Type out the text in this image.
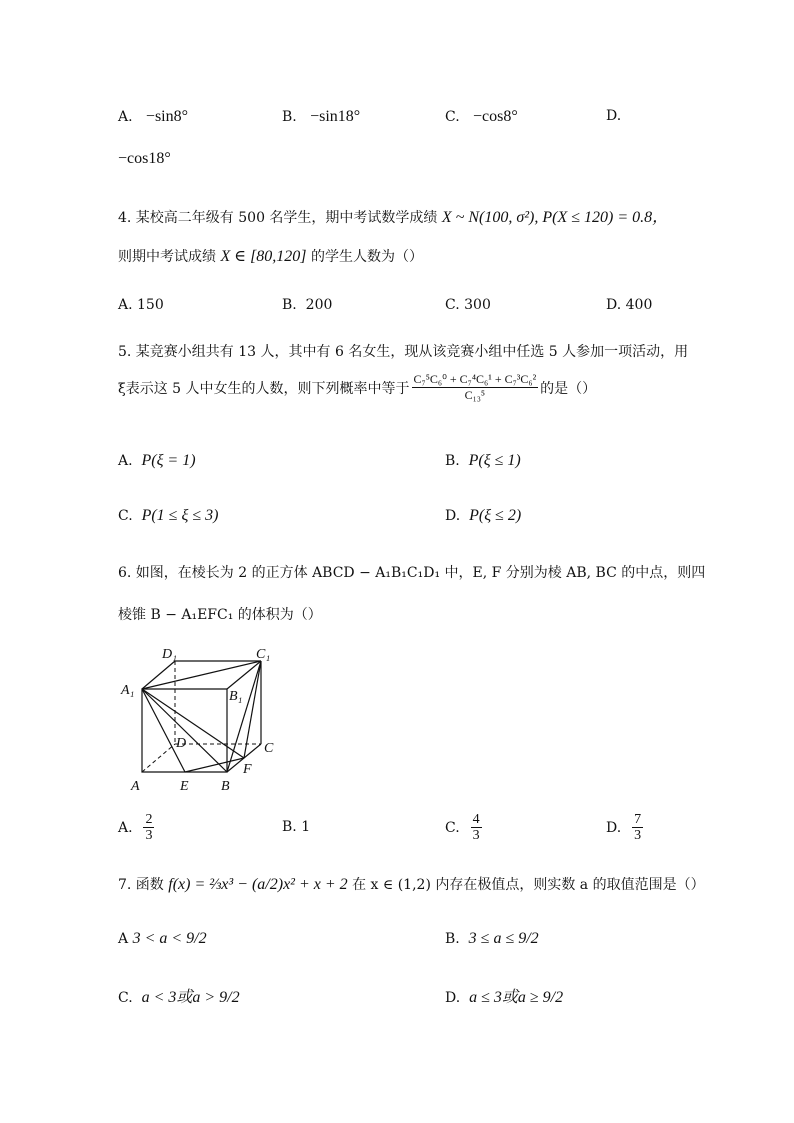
A. −sin8°	B. −sin18°	C. −cos8°	D.
−cos18°
4. 某校高二年级有 500 名学生，期中考试数学成绩 X ~ N(100, σ²), P(X ≤ 120) = 0.8，
则期中考试成绩 X ∈ [80,120] 的学生人数为（）
A. 150	B. 200	C. 300	D. 400
5. 某竞赛小组共有 13 人，其中有 6 名女生，现从该竞赛小组中任选 5 人参加一项活动，用
ξ表示这 5 人中女生的人数，则下列概率中等于 $\frac{\text{C₇⁵C₆⁰ + C₇⁴C₆¹ + C₇³C₆²}}{\text{C₁₃⁵}}$ 的是（）
A. P(ξ = 1)	B. P(ξ ≤ 1)
C. P(1 ≤ ξ ≤ 3)	D. P(ξ ≤ 2)
6. 如图，在棱长为 2 的正方体 ABCD − A₁B₁C₁D₁ 中，E, F 分别为棱 AB, BC 的中点，则四
棱锥 B − A₁EFC₁ 的体积为（）
D₁	C₁
A₁	B₁
D	C
F
A	E B
A.
$\frac{2}{3}$	B. 1	C.
$\frac{4}{3}$	D.
$\frac{7}{3}$
7. 函数 f(x) = ⅔x³ − (a/2)x² + x + 2 在 x ∈ (1,2) 内存在极值点，则实数 a 的取值范围是（）
A 3 < a < 9/2	B. 3 ≤ a ≤ 9/2
C. a < 3或a > 9/2	D. a ≤ 3或a ≥ 9/2
